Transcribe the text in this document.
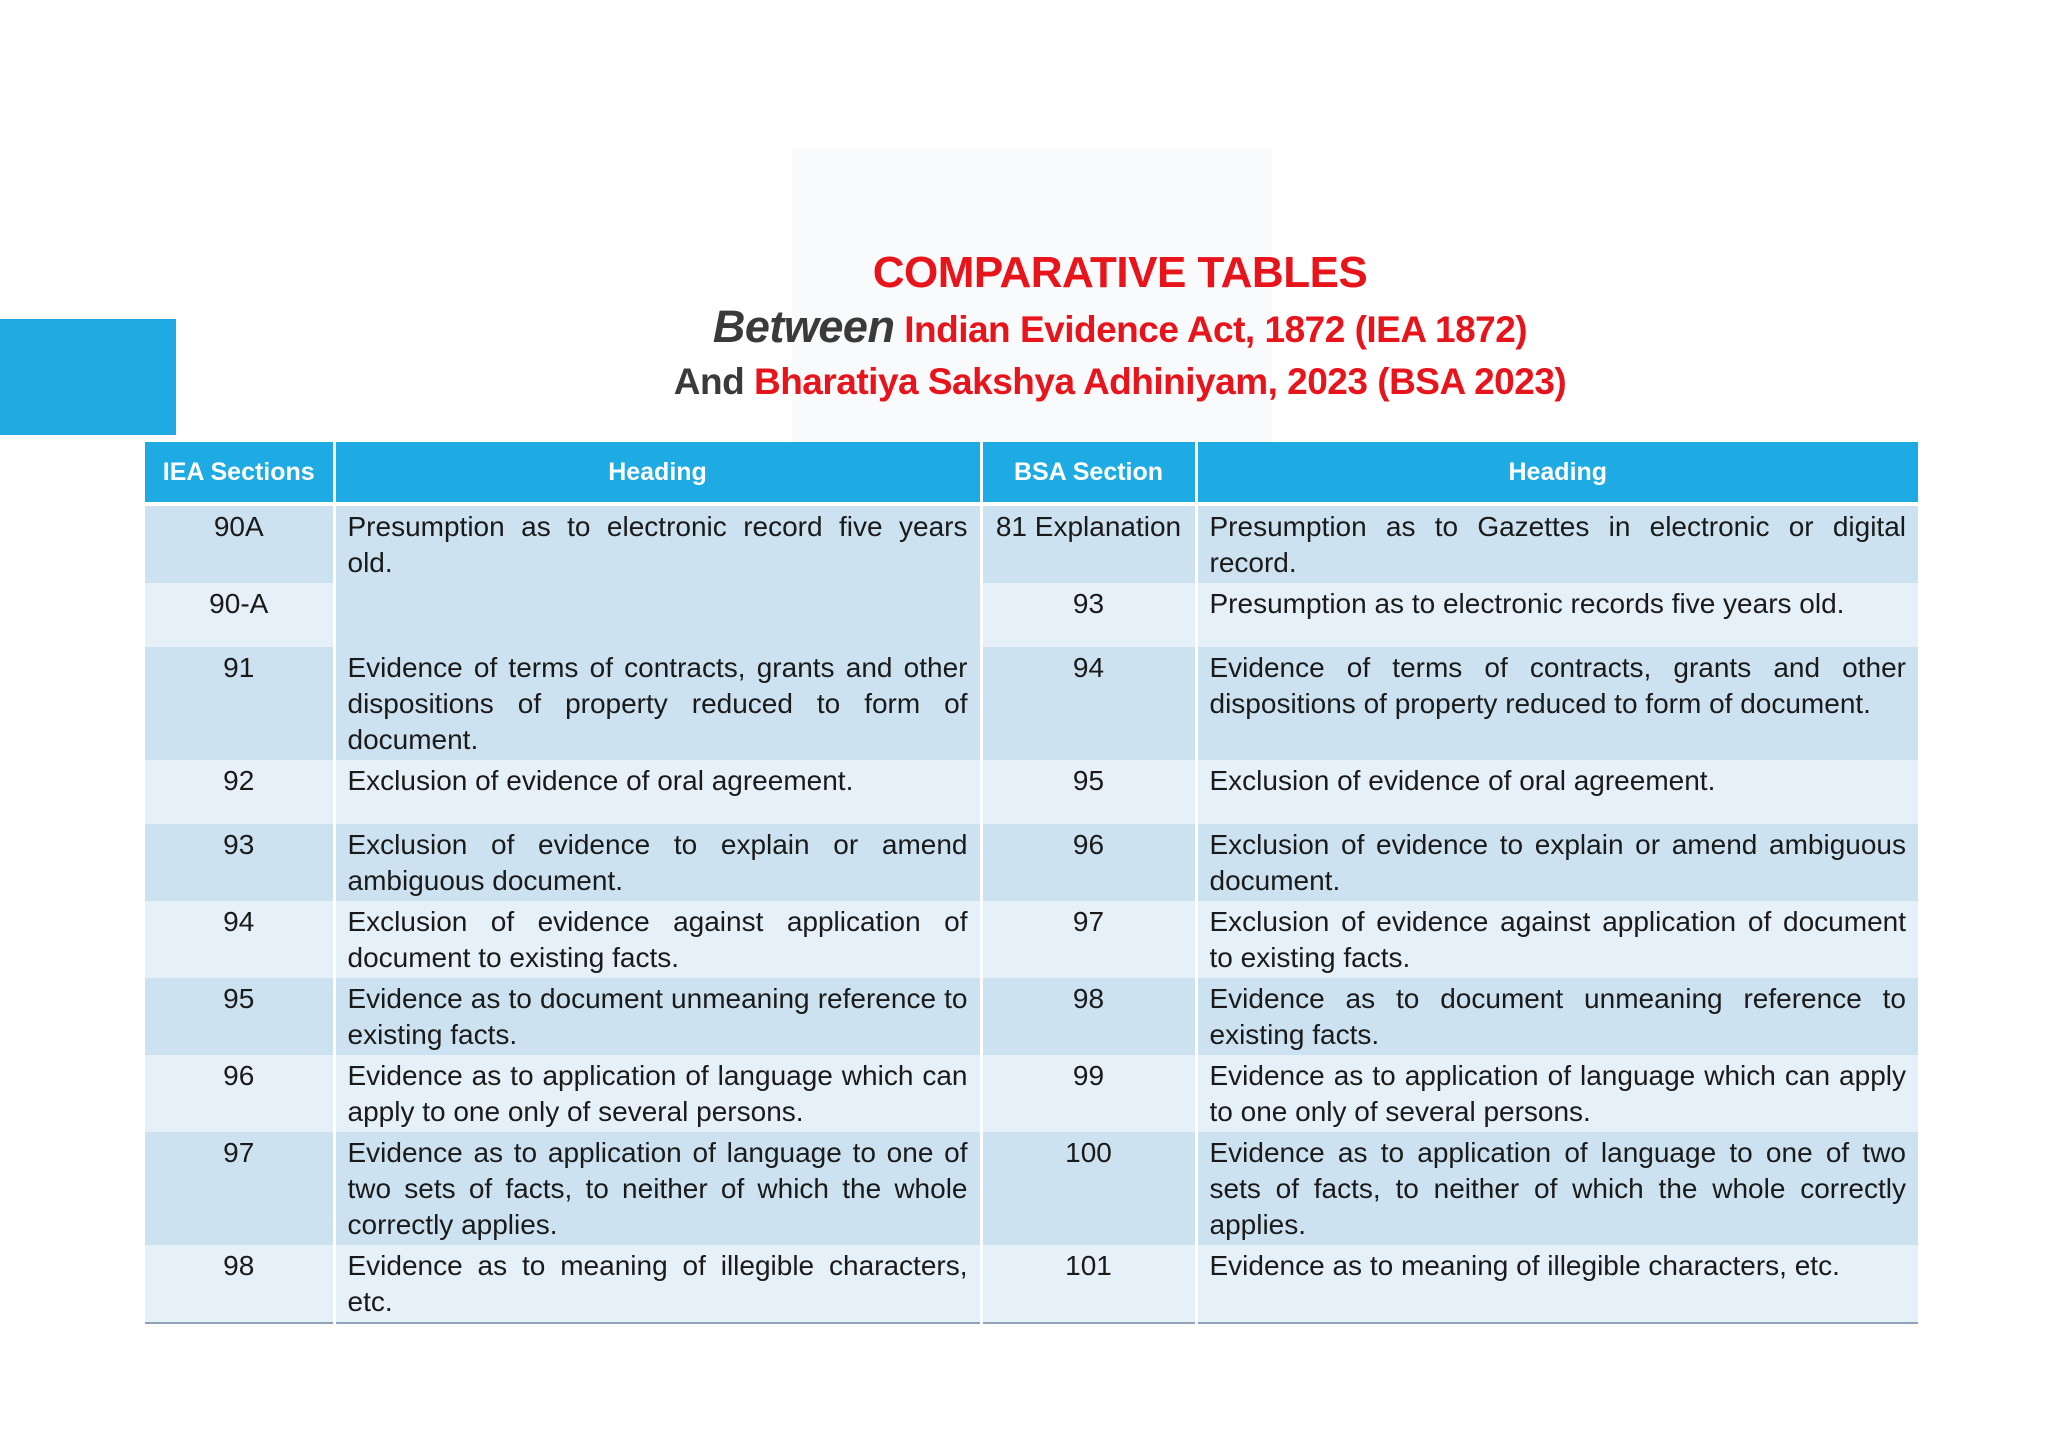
COMPARATIVE TABLES
Between Indian Evidence Act, 1872 (IEA 1872)
And Bharatiya Sakshya Adhiniyam, 2023 (BSA 2023)
IEA Sections	Heading	BSA Section	Heading
90A	Presumption as to electronic record five years old.	81 Explanation	Presumption as to Gazettes in electronic or digital record.
90-A		93	Presumption as to electronic records five years old.
91	Evidence of terms of contracts, grants and other dispositions of property reduced to form of document.	94	Evidence of terms of contracts, grants and other dispositions of property reduced to form of document.
92	Exclusion of evidence of oral agreement.	95	Exclusion of evidence of oral agreement.
93	Exclusion of evidence to explain or amend ambiguous document.	96	Exclusion of evidence to explain or amend ambiguous document.
94	Exclusion of evidence against application of document to existing facts.	97	Exclusion of evidence against application of document to existing facts.
95	Evidence as to document unmeaning reference to existing facts.	98	Evidence as to document unmeaning reference to existing facts.
96	Evidence as to application of language which can apply to one only of several persons.	99	Evidence as to application of language which can apply to one only of several persons.
97	Evidence as to application of language to one of two sets of facts, to neither of which the whole correctly applies.	100	Evidence as to application of language to one of two sets of facts, to neither of which the whole correctly applies.
98	Evidence as to meaning of illegible characters, etc.	101	Evidence as to meaning of illegible characters, etc.
